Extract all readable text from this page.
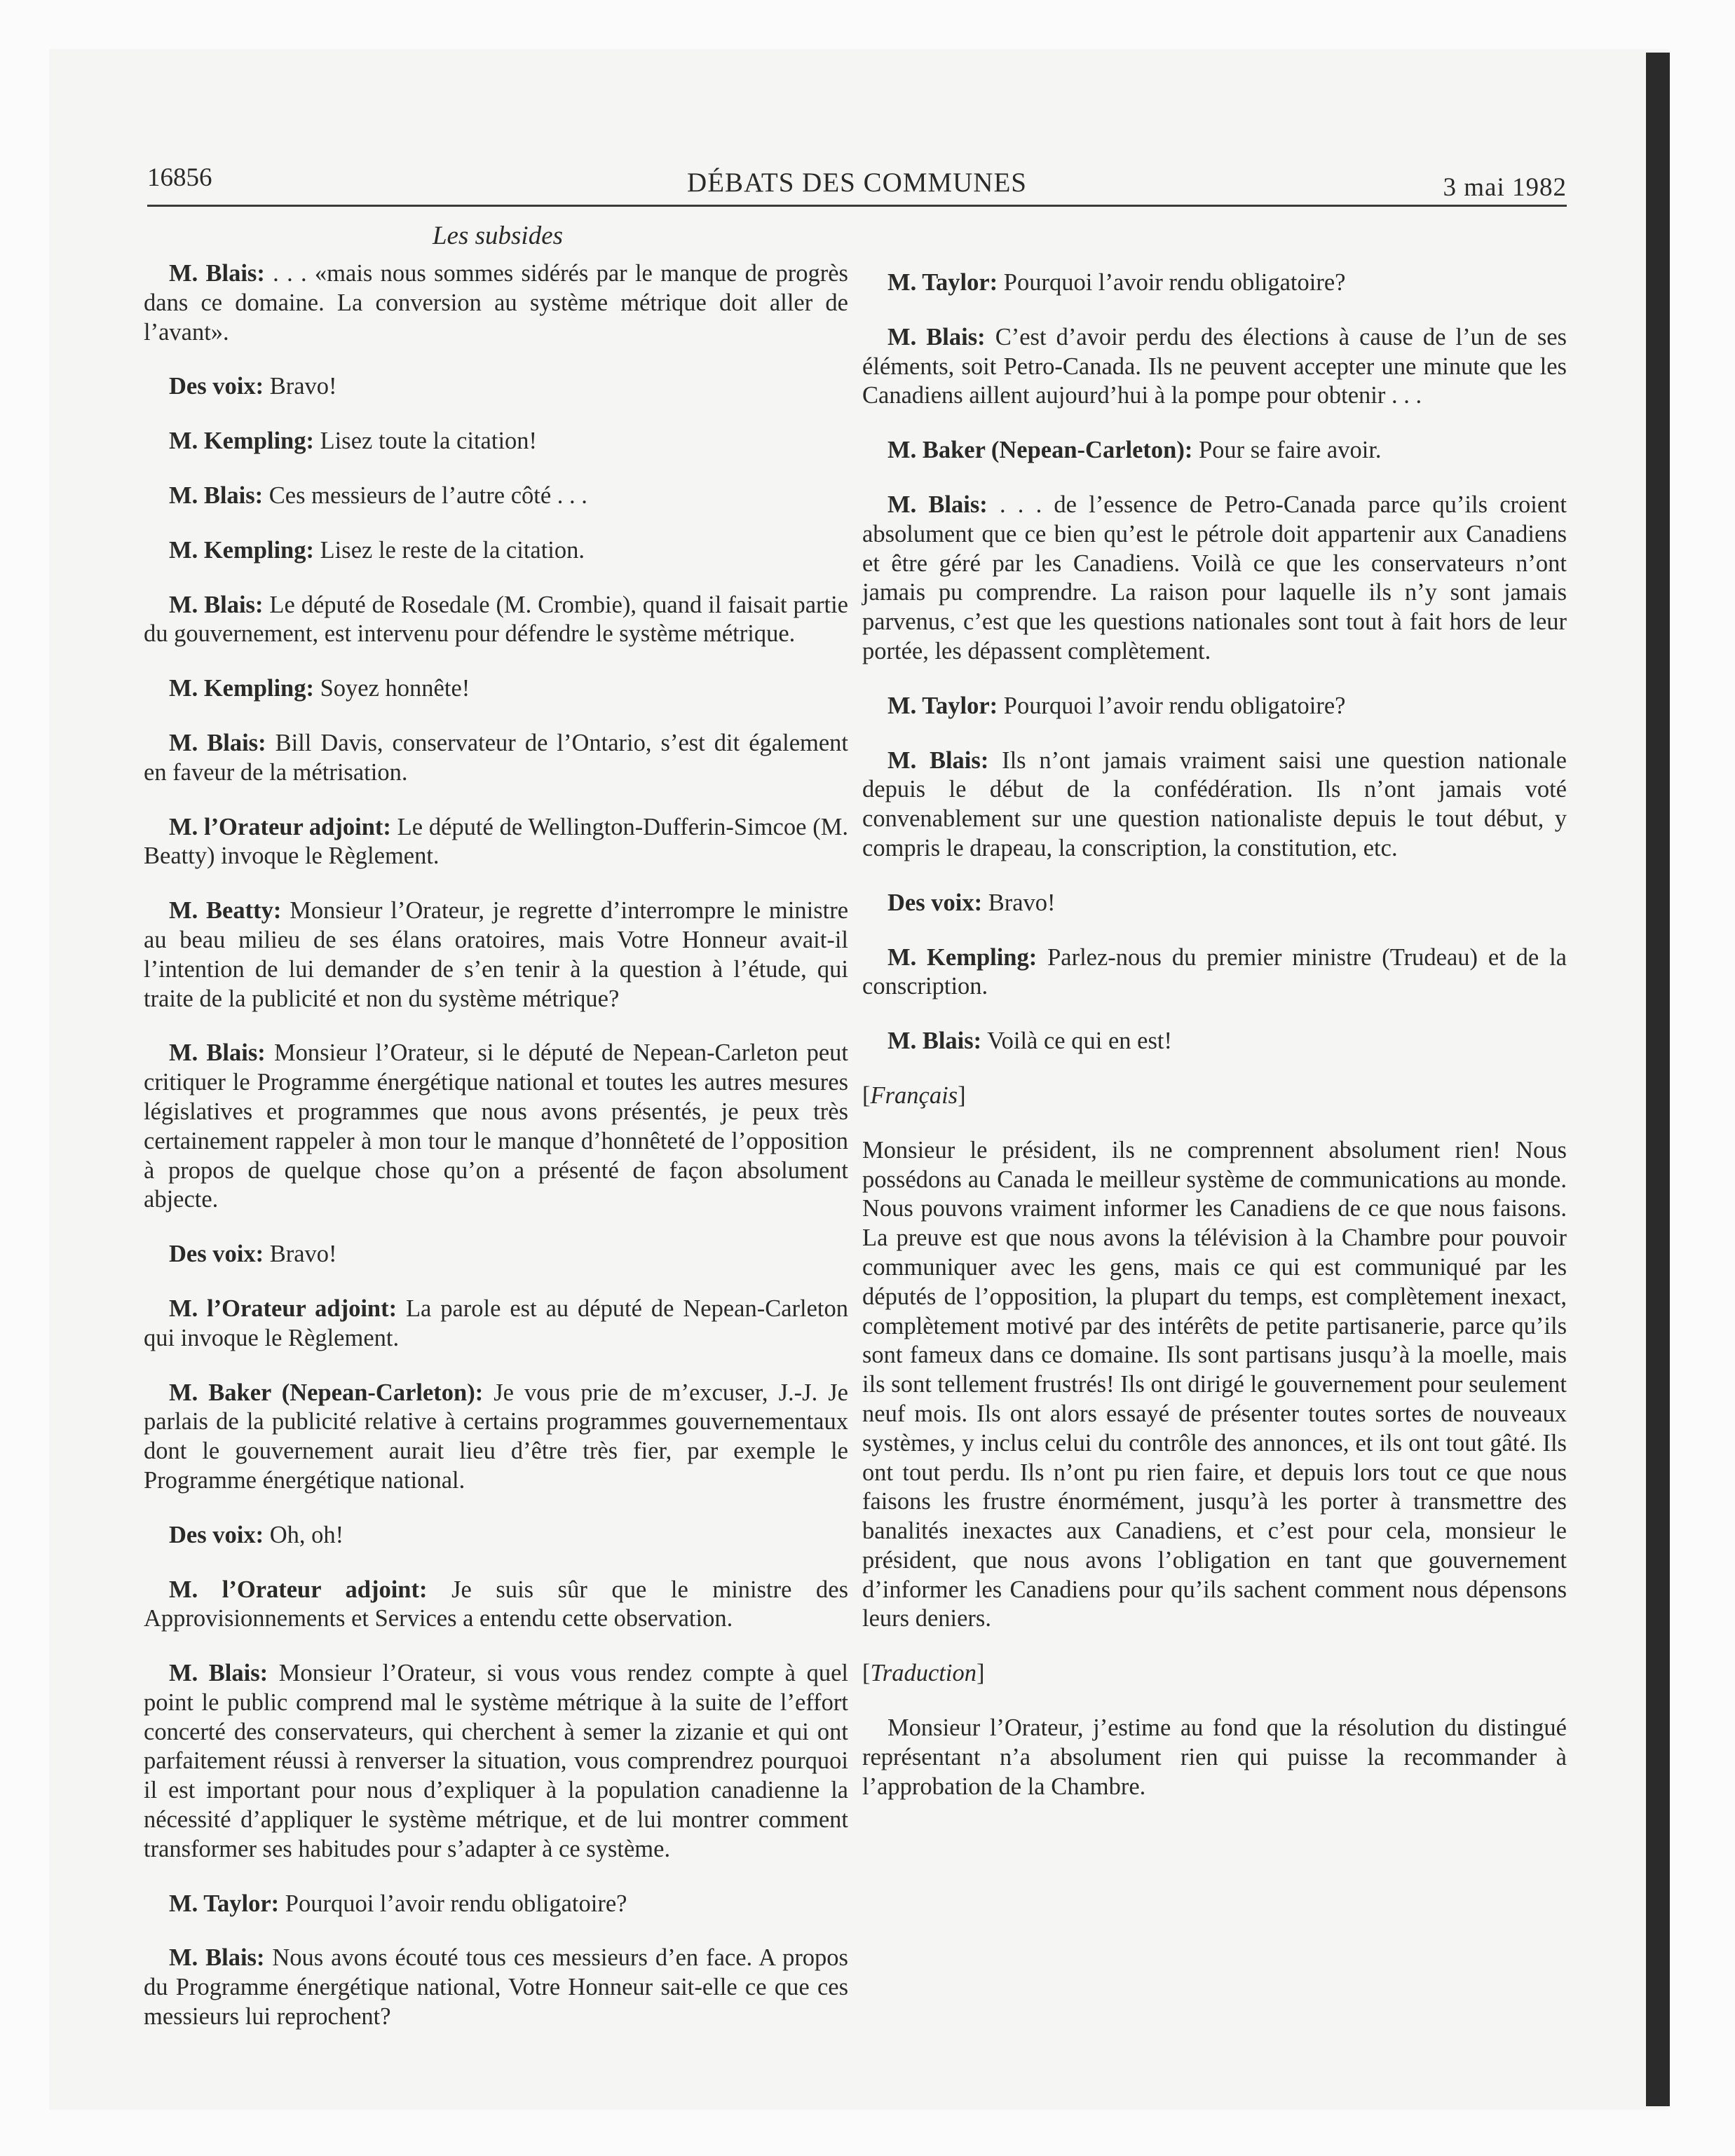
16856	DÉBATS DES COMMUNES	3 mai 1982
Les subsides

M. Blais: . . . «mais nous sommes sidérés par le manque de progrès dans ce domaine. La conversion au système métrique doit aller de l’avant».

Des voix: Bravo!

M. Kempling: Lisez toute la citation!

M. Blais: Ces messieurs de l’autre côté . . .

M. Kempling: Lisez le reste de la citation.

M. Blais: Le député de Rosedale (M. Crombie), quand il faisait partie du gouvernement, est intervenu pour défendre le système métrique.

M. Kempling: Soyez honnête!

M. Blais: Bill Davis, conservateur de l’Ontario, s’est dit également en faveur de la métrisation.

M. l’Orateur adjoint: Le député de Wellington-Dufferin-Simcoe (M. Beatty) invoque le Règlement.

M. Beatty: Monsieur l’Orateur, je regrette d’interrompre le ministre au beau milieu de ses élans oratoires, mais Votre Honneur avait-il l’intention de lui demander de s’en tenir à la question à l’étude, qui traite de la publicité et non du système métrique?

M. Blais: Monsieur l’Orateur, si le député de Nepean-Carleton peut critiquer le Programme énergétique national et toutes les autres mesures législatives et programmes que nous avons présentés, je peux très certainement rappeler à mon tour le manque d’honnêteté de l’opposition à propos de quelque chose qu’on a présenté de façon absolument abjecte.

Des voix: Bravo!

M. l’Orateur adjoint: La parole est au député de Nepean-Carleton qui invoque le Règlement.

M. Baker (Nepean-Carleton): Je vous prie de m’excuser, J.-J. Je parlais de la publicité relative à certains programmes gouvernementaux dont le gouvernement aurait lieu d’être très fier, par exemple le Programme énergétique national.

Des voix: Oh, oh!

M. l’Orateur adjoint: Je suis sûr que le ministre des Approvisionnements et Services a entendu cette observation.

M. Blais: Monsieur l’Orateur, si vous vous rendez compte à quel point le public comprend mal le système métrique à la suite de l’effort concerté des conservateurs, qui cherchent à semer la zizanie et qui ont parfaitement réussi à renverser la situation, vous comprendrez pourquoi il est important pour nous d’expliquer à la population canadienne la nécessité d’appliquer le système métrique, et de lui montrer comment transformer ses habitudes pour s’adapter à ce système.

M. Taylor: Pourquoi l’avoir rendu obligatoire?

M. Blais: Nous avons écouté tous ces messieurs d’en face. A propos du Programme énergétique national, Votre Honneur sait-elle ce que ces messieurs lui reprochent?

M. Taylor: Pourquoi l’avoir rendu obligatoire?

M. Blais: C’est d’avoir perdu des élections à cause de l’un de ses éléments, soit Petro-Canada. Ils ne peuvent accepter une minute que les Canadiens aillent aujourd’hui à la pompe pour obtenir . . .

M. Baker (Nepean-Carleton): Pour se faire avoir.

M. Blais: . . . de l’essence de Petro-Canada parce qu’ils croient absolument que ce bien qu’est le pétrole doit appartenir aux Canadiens et être géré par les Canadiens. Voilà ce que les conservateurs n’ont jamais pu comprendre. La raison pour laquelle ils n’y sont jamais parvenus, c’est que les questions nationales sont tout à fait hors de leur portée, les dépassent complètement.

M. Taylor: Pourquoi l’avoir rendu obligatoire?

M. Blais: Ils n’ont jamais vraiment saisi une question nationale depuis le début de la confédération. Ils n’ont jamais voté convenablement sur une question nationaliste depuis le tout début, y compris le drapeau, la conscription, la constitution, etc.

Des voix: Bravo!

M. Kempling: Parlez-nous du premier ministre (Trudeau) et de la conscription.

M. Blais: Voilà ce qui en est!

[Français]

Monsieur le président, ils ne comprennent absolument rien! Nous possédons au Canada le meilleur système de communications au monde. Nous pouvons vraiment informer les Canadiens de ce que nous faisons. La preuve est que nous avons la télévision à la Chambre pour pouvoir communiquer avec les gens, mais ce qui est communiqué par les députés de l’opposition, la plupart du temps, est complètement inexact, complètement motivé par des intérêts de petite partisanerie, parce qu’ils sont fameux dans ce domaine. Ils sont partisans jusqu’à la moelle, mais ils sont tellement frustrés! Ils ont dirigé le gouvernement pour seulement neuf mois. Ils ont alors essayé de présenter toutes sortes de nouveaux systèmes, y inclus celui du contrôle des annonces, et ils ont tout gâté. Ils ont tout perdu. Ils n’ont pu rien faire, et depuis lors tout ce que nous faisons les frustre énormément, jusqu’à les porter à transmettre des banalités inexactes aux Canadiens, et c’est pour cela, monsieur le président, que nous avons l’obligation en tant que gouvernement d’informer les Canadiens pour qu’ils sachent comment nous dépensons leurs deniers.

[Traduction]

Monsieur l’Orateur, j’estime au fond que la résolution du distingué représentant n’a absolument rien qui puisse la recommander à l’approbation de la Chambre.
